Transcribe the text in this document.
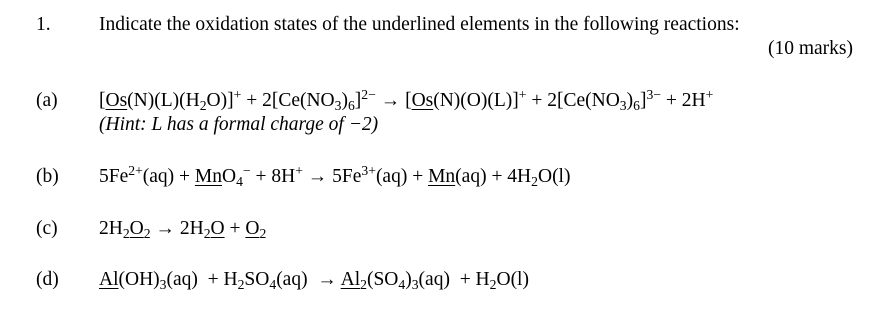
1. Indicate the oxidation states of the underlined elements in the following reactions:
(10 marks)
(a) $[Os(N)(L)(H_2O)]^+ + 2[Ce(NO_3)_6]^{2-} \to [Os(N)(O)(L)]^+ + 2[Ce(NO_3)_6]^{3-} + 2H^+$
(Hint: L has a formal charge of −2)
(b) $5Fe^{2+}(aq) + MnO_4^- + 8H^+ \to 5Fe^{3+}(aq) + Mn(aq) + 4H_2O(l)$
(c) $2H_2O_2 \to 2H_2O + O_2$
(d) $Al(OH)_3(aq) + H_2SO_4(aq) \to Al_2(SO_4)_3(aq) + H_2O(l)$
